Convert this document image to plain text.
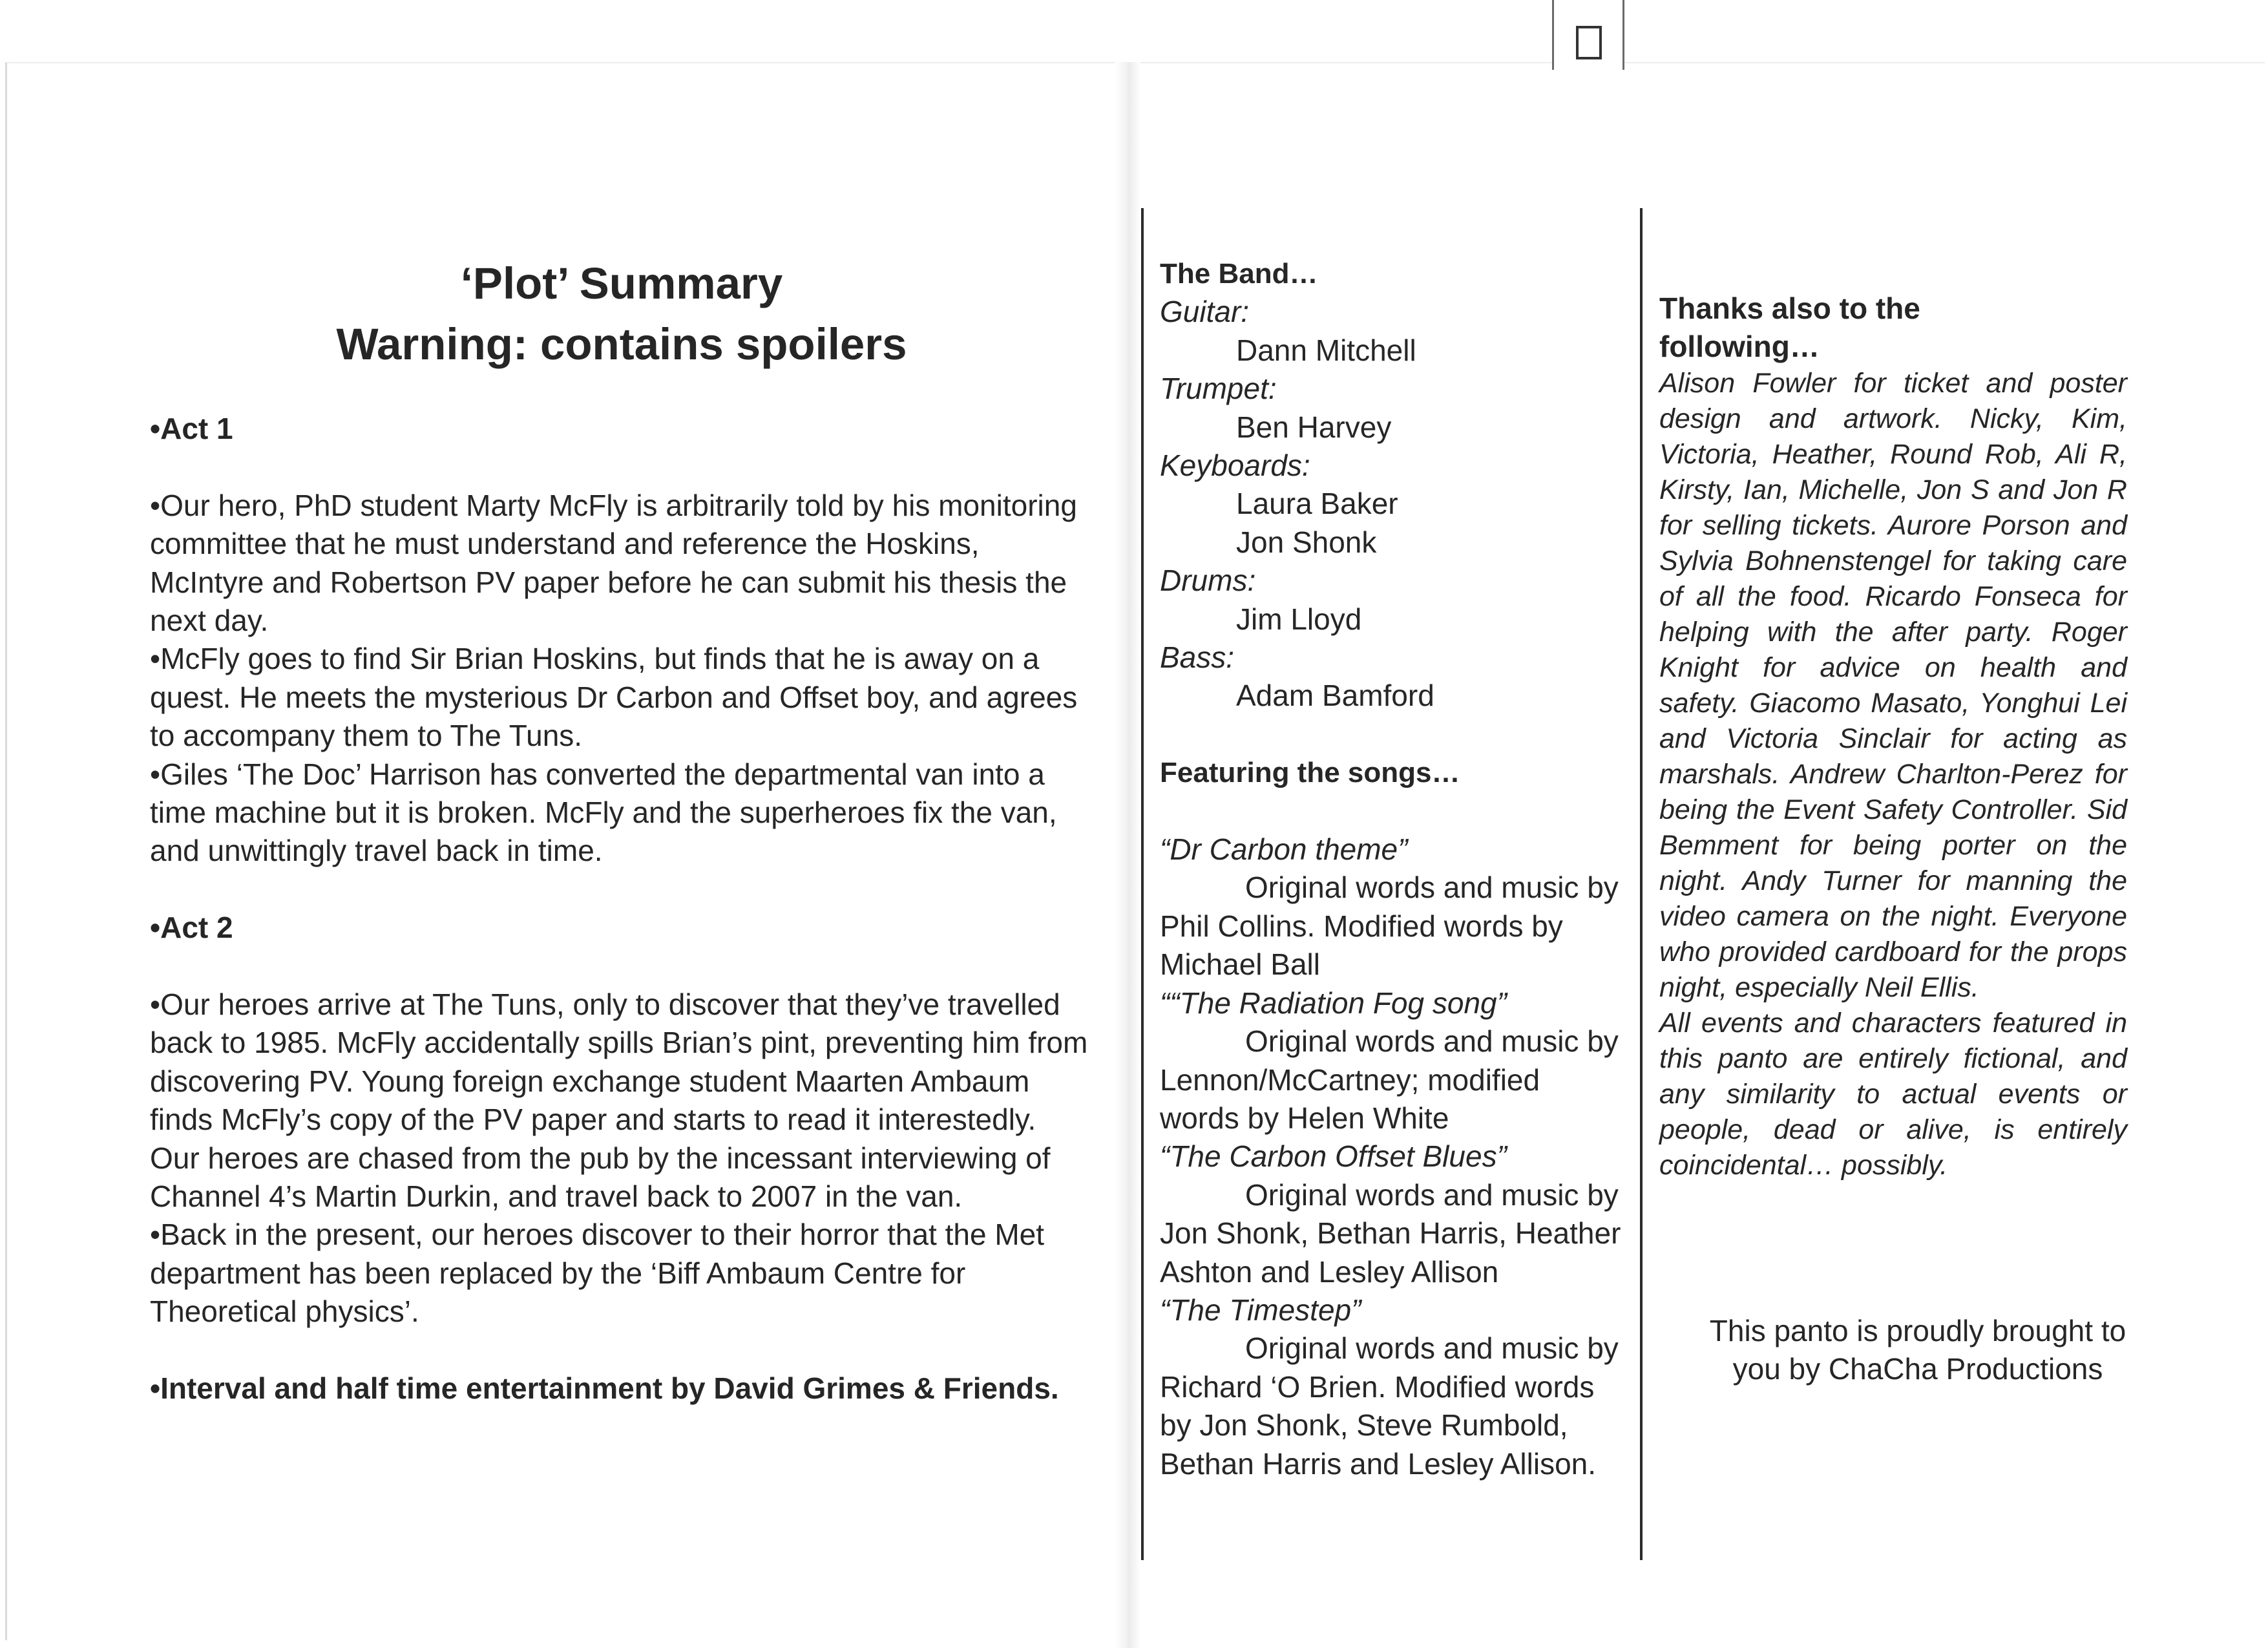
‘Plot’ Summary
Warning: contains spoilers

•Act 1

•Our hero, PhD student Marty McFly is arbitrarily told by his monitoring committee that he must understand and reference the Hoskins, McIntyre and Robertson PV paper before he can submit his thesis the next day.

•McFly goes to find Sir Brian Hoskins, but finds that he is away on a quest. He meets the mysterious Dr Carbon and Offset boy, and agrees to accompany them to The Tuns.

•Giles ‘The Doc’ Harrison has converted the departmental van into a time machine but it is broken. McFly and the superheroes fix the van, and unwittingly travel back in time.

•Act 2

•Our heroes arrive at The Tuns, only to discover that they’ve travelled back to 1985. McFly accidentally spills Brian’s pint, preventing him from discovering PV. Young foreign exchange student Maarten Ambaum finds McFly’s copy of the PV paper and starts to read it interestedly. Our heroes are chased from the pub by the incessant interviewing of Channel 4’s Martin Durkin, and travel back to 2007 in the van.

•Back in the present, our heroes discover to their horror that the Met department has been replaced by the ‘Biff Ambaum Centre for Theoretical physics’.

•Interval and half time entertainment by David Grimes & Friends.

The Band…

Guitar:

Dann Mitchell

Trumpet:

Ben Harvey

Keyboards:

Laura Baker

Jon Shonk

Drums:

Jim Lloyd

Bass:

Adam Bamford

Featuring the songs…

“Dr Carbon theme”

Original words and music by Phil Collins. Modified words by Michael Ball

““The Radiation Fog song”

Original words and music by Lennon/McCartney; modified words by Helen White

“The Carbon Offset Blues”

Original words and music by Jon Shonk, Bethan Harris, Heather Ashton and Lesley Allison

“The Timestep”

Original words and music by Richard ‘O Brien. Modified words by Jon Shonk, Steve Rumbold, Bethan Harris and Lesley Allison.

Thanks also to the

following…

Alison Fowler for ticket and poster design and artwork. Nicky, Kim, Victoria, Heather, Round Rob, Ali R, Kirsty, Ian, Michelle, Jon S and Jon R for selling tickets. Aurore Porson and Sylvia Bohnenstengel for taking care of all the food. Ricardo Fonseca for helping with the after party. Roger Knight for advice on health and safety. Giacomo Masato, Yonghui Lei and Victoria Sinclair for acting as marshals. Andrew Charlton-Perez for being the Event Safety Controller. Sid Bemment for being porter on the night. Andy Turner for manning the video camera on the night. Everyone who provided cardboard for the props night, especially Neil Ellis.

All events and characters featured in this panto are entirely fictional, and any similarity to actual events or people, dead or alive, is entirely coincidental… possibly.

This panto is proudly brought to
you by ChaCha Productions
